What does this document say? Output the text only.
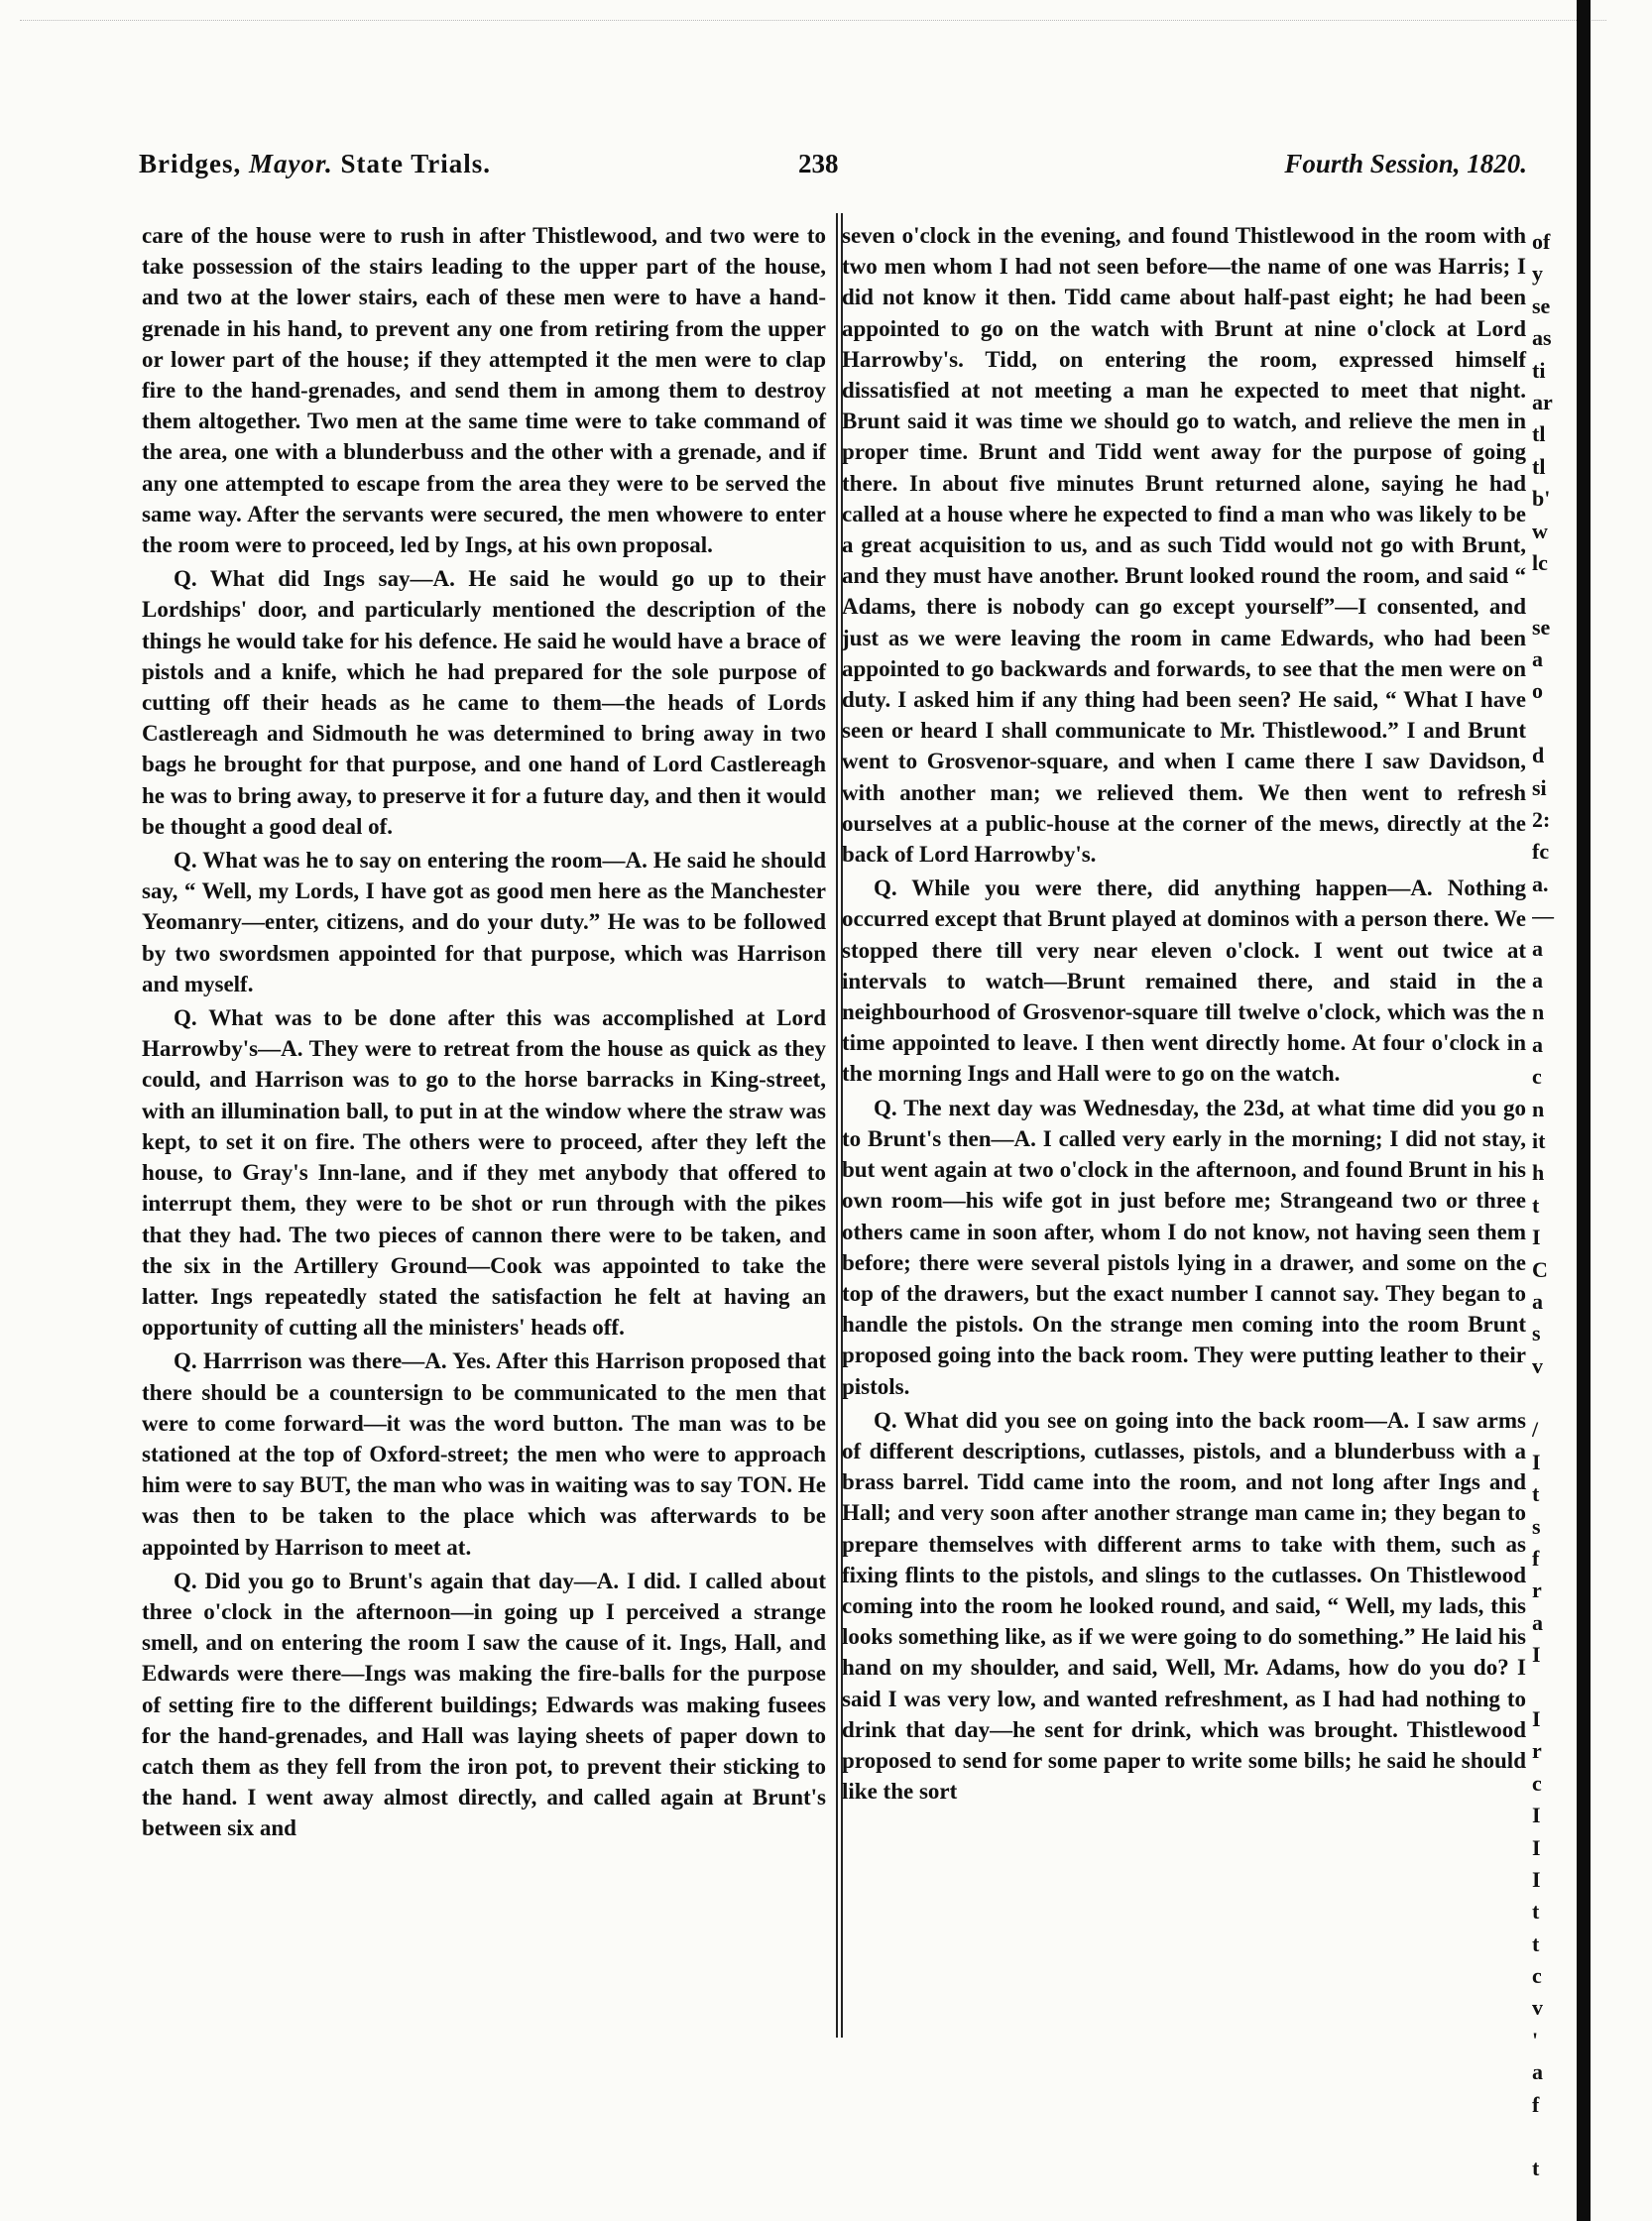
Bridges, Mayor. State Trials.	238	Fourth Session, 1820.

care of the house were to rush in after Thistlewood, and two were to take possession of the stairs leading to the upper part of the house, and two at the lower stairs, each of these men were to have a hand-grenade in his hand, to prevent any one from retiring from the upper or lower part of the house; if they attempted it the men were to clap fire to the hand-grenades, and send them in among them to destroy them altogether. Two men at the same time were to take command of the area, one with a blunderbuss and the other with a grenade, and if any one attempted to escape from the area they were to be served the same way. After the servants were secured, the men whowere to enter the room were to proceed, led by Ings, at his own proposal.

Q. What did Ings say—A. He said he would go up to their Lordships' door, and particularly mentioned the description of the things he would take for his defence. He said he would have a brace of pistols and a knife, which he had prepared for the sole purpose of cutting off their heads as he came to them—the heads of Lords Castlereagh and Sidmouth he was determined to bring away in two bags he brought for that purpose, and one hand of Lord Castlereagh he was to bring away, to preserve it for a future day, and then it would be thought a good deal of.

Q. What was he to say on entering the room—A. He said he should say, “ Well, my Lords, I have got as good men here as the Manchester Yeomanry—enter, citizens, and do your duty.” He was to be followed by two swordsmen appointed for that purpose, which was Harrison and myself.

Q. What was to be done after this was accomplished at Lord Harrowby's—A. They were to retreat from the house as quick as they could, and Harrison was to go to the horse barracks in King-street, with an illumination ball, to put in at the window where the straw was kept, to set it on fire. The others were to proceed, after they left the house, to Gray's Inn-lane, and if they met anybody that offered to interrupt them, they were to be shot or run through with the pikes that they had. The two pieces of cannon there were to be taken, and the six in the Artillery Ground—Cook was appointed to take the latter. Ings repeatedly stated the satisfaction he felt at having an opportunity of cutting all the ministers' heads off.

Q. Harrrison was there—A. Yes. After this Harrison proposed that there should be a countersign to be communicated to the men that were to come forward—it was the word button. The man was to be stationed at the top of Oxford-street; the men who were to approach him were to say BUT, the man who was in waiting was to say TON. He was then to be taken to the place which was afterwards to be appointed by Harrison to meet at.

Q. Did you go to Brunt's again that day—A. I did. I called about three o'clock in the afternoon—in going up I perceived a strange smell, and on entering the room I saw the cause of it. Ings, Hall, and Edwards were there—Ings was making the fire-balls for the purpose of setting fire to the different buildings; Edwards was making fusees for the hand-grenades, and Hall was laying sheets of paper down to catch them as they fell from the iron pot, to prevent their sticking to the hand. I went away almost directly, and called again at Brunt's between six and

seven o'clock in the evening, and found Thistlewood in the room with two men whom I had not seen before—the name of one was Harris; I did not know it then. Tidd came about half-past eight; he had been appointed to go on the watch with Brunt at nine o'clock at Lord Harrowby's. Tidd, on entering the room, expressed himself dissatisfied at not meeting a man he expected to meet that night. Brunt said it was time we should go to watch, and relieve the men in proper time. Brunt and Tidd went away for the purpose of going there. In about five minutes Brunt returned alone, saying he had called at a house where he expected to find a man who was likely to be a great acquisition to us, and as such Tidd would not go with Brunt, and they must have another. Brunt looked round the room, and said “ Adams, there is nobody can go except yourself”—I consented, and just as we were leaving the room in came Edwards, who had been appointed to go backwards and forwards, to see that the men were on duty. I asked him if any thing had been seen? He said, “ What I have seen or heard I shall communicate to Mr. Thistlewood.” I and Brunt went to Grosvenor-square, and when I came there I saw Davidson, with another man; we relieved them. We then went to refresh ourselves at a public-house at the corner of the mews, directly at the back of Lord Harrowby's.

Q. While you were there, did anything happen—A. Nothing occurred except that Brunt played at dominos with a person there. We stopped there till very near eleven o'clock. I went out twice at intervals to watch—Brunt remained there, and staid in the neighbourhood of Grosvenor-square till twelve o'clock, which was the time appointed to leave. I then went directly home. At four o'clock in the morning Ings and Hall were to go on the watch.

Q. The next day was Wednesday, the 23d, at what time did you go to Brunt's then—A. I called very early in the morning; I did not stay, but went again at two o'clock in the afternoon, and found Brunt in his own room—his wife got in just before me; Strangeand two or three others came in soon after, whom I do not know, not having seen them before; there were several pistols lying in a drawer, and some on the top of the drawers, but the exact number I cannot say. They began to handle the pistols. On the strange men coming into the room Brunt proposed going into the back room. They were putting leather to their pistols.

Q. What did you see on going into the back room—A. I saw arms of different descriptions, cutlasses, pistols, and a blunderbuss with a brass barrel. Tidd came into the room, and not long after Ings and Hall; and very soon after another strange man came in; they began to prepare themselves with different arms to take with them, such as fixing flints to the pistols, and slings to the cutlasses. On Thistlewood coming into the room he looked round, and said, “ Well, my lads, this looks something like, as if we were going to do something.” He laid his hand on my shoulder, and said, Well, Mr. Adams, how do you do? I said I was very low, and wanted refreshment, as I had had nothing to drink that day—he sent for drink, which was brought. Thistlewood proposed to send for some paper to write some bills; he said he should like the sort

of
y
se
as
ti
ar
tl
tl
b'
w
lc
se
a
o
d
si
2:
fc
a.
—
a
a
n
a
c
n
it
h
t
I
C
a
s
v
/
I
t
s
f
r
a
I
I
r
c
I
I
I
t
t
c
v
'
a
f
t
